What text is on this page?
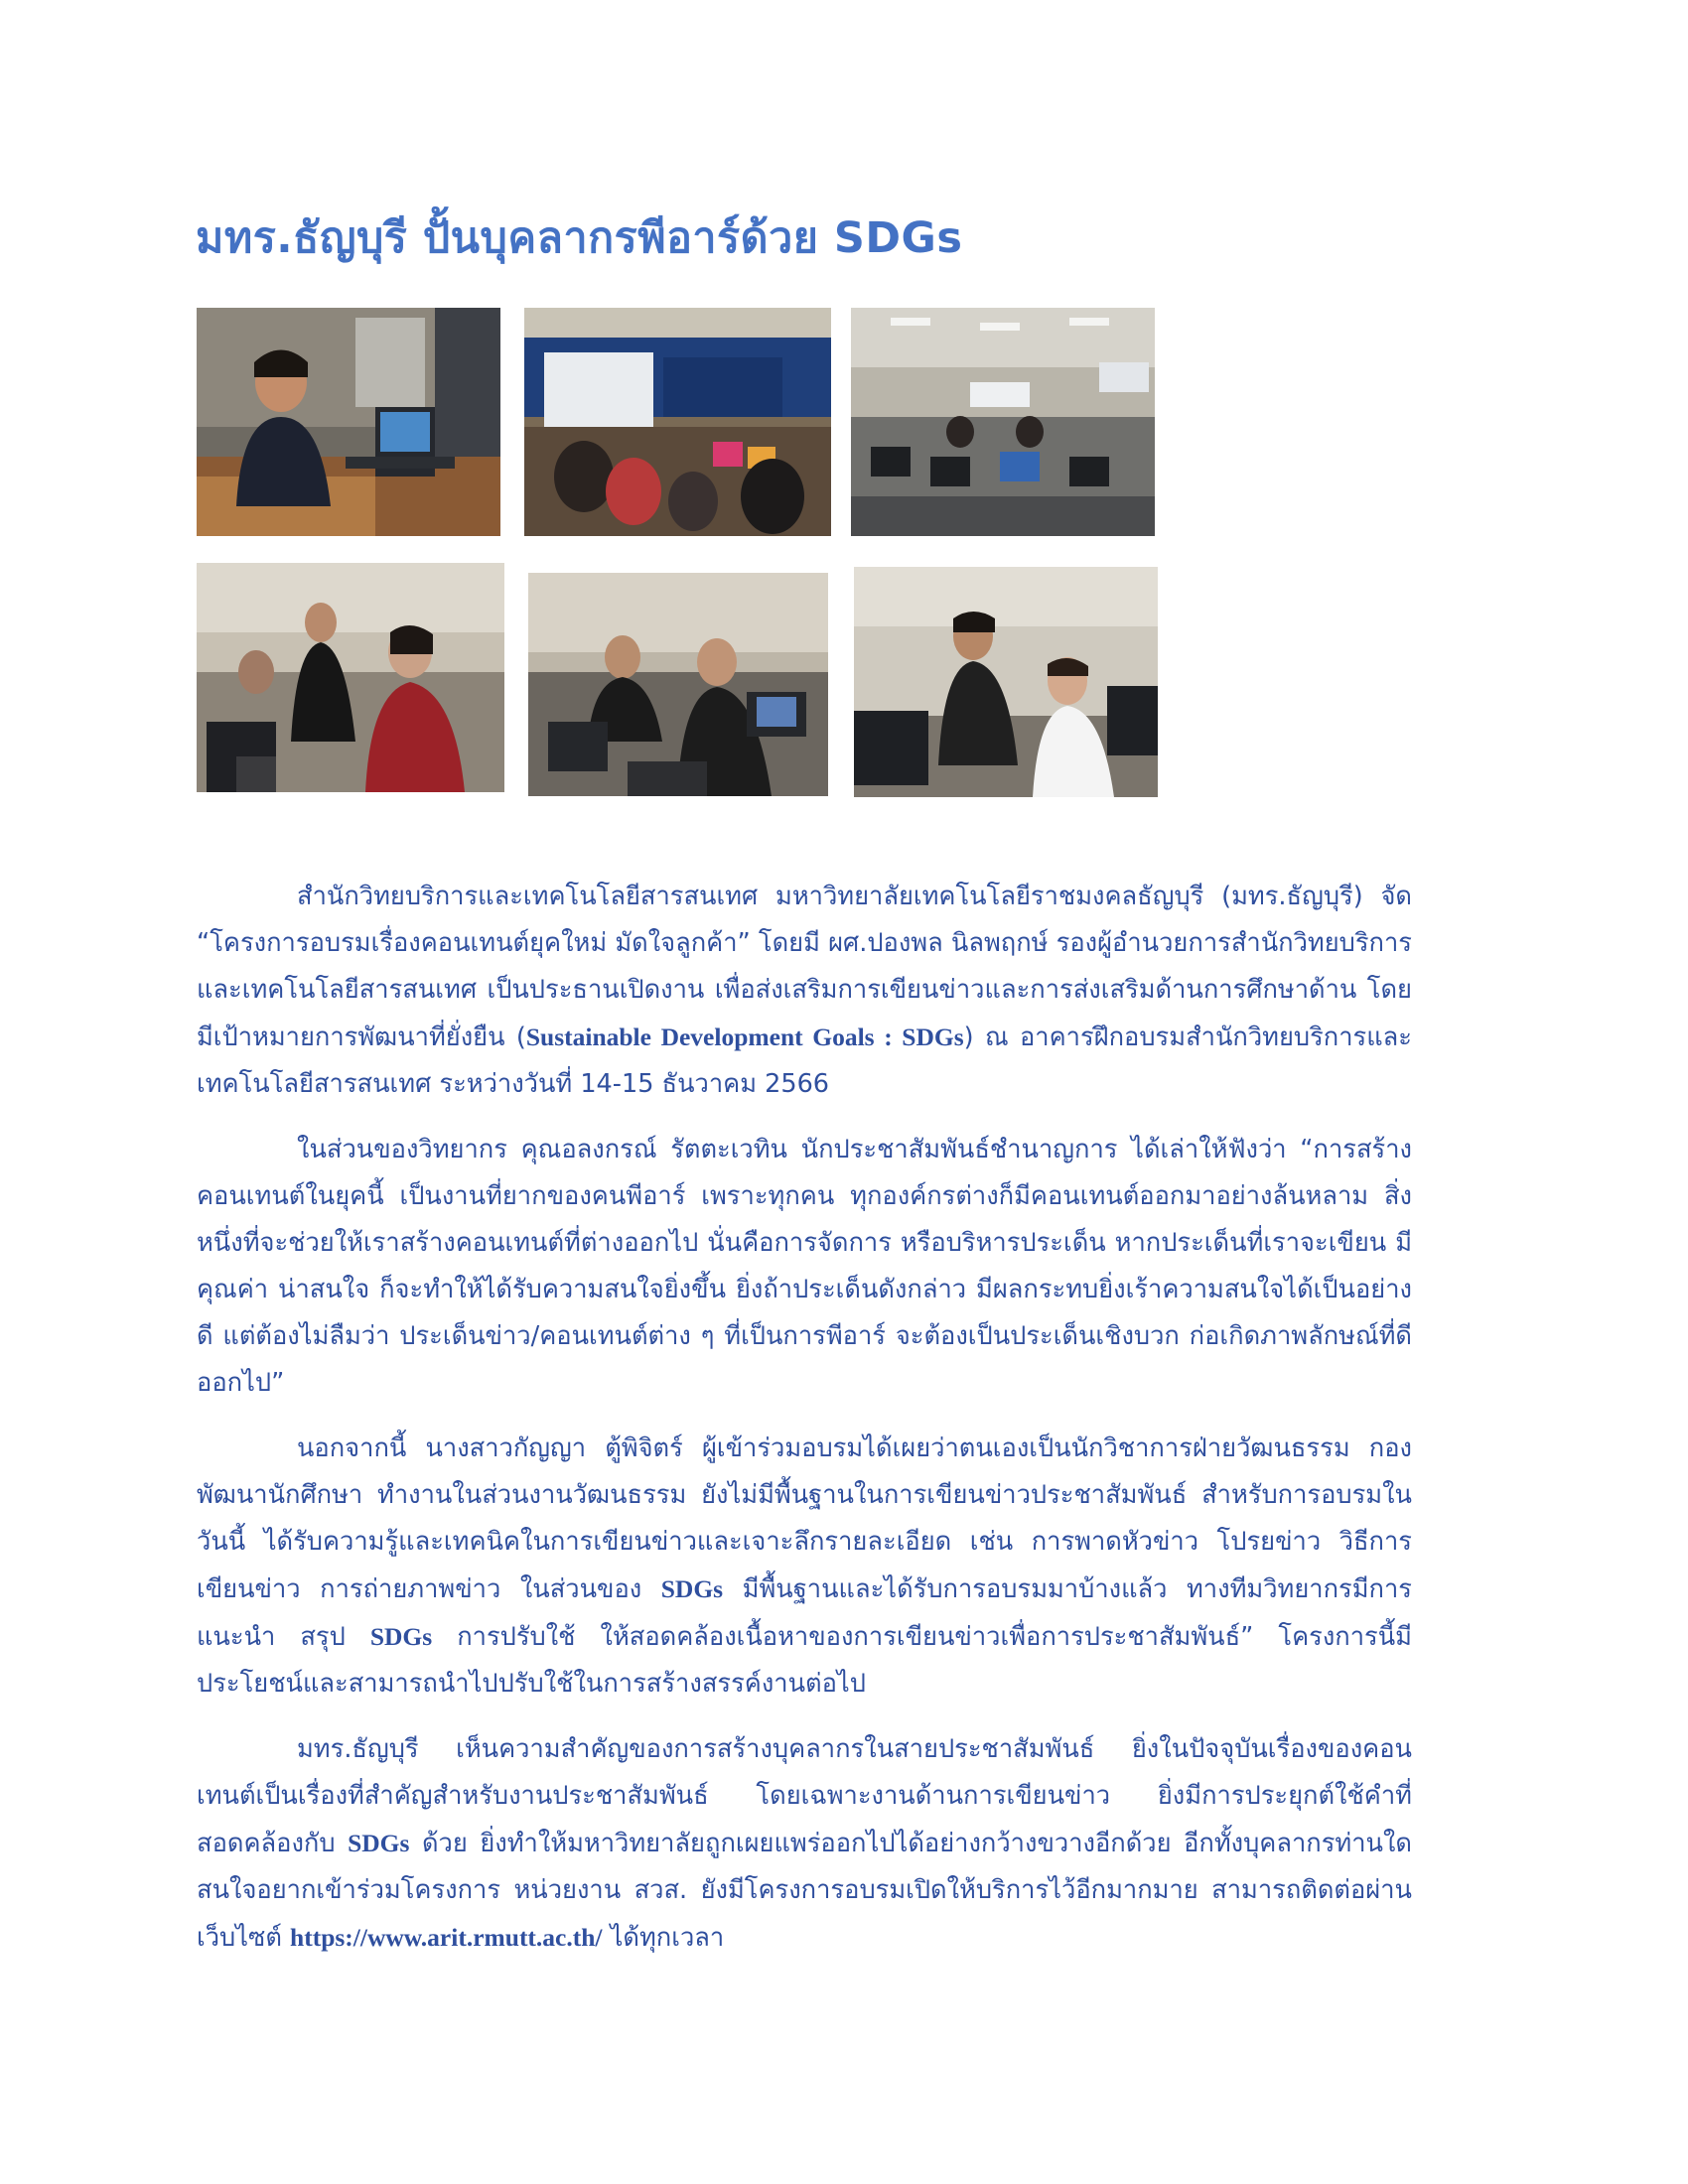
มทร.ธัญบุรี ปั้นบุคลากรพีอาร์ด้วย SDGs

สำนักวิทยบริการและเทคโนโลยีสารสนเทศ มหาวิทยาลัยเทคโนโลยีราชมงคลธัญบุรี (มทร.ธัญบุรี) จัด “โครงการอบรมเรื่องคอนเทนต์ยุคใหม่ มัดใจลูกค้า” โดยมี ผศ.ปองพล นิลพฤกษ์ รองผู้อำนวยการสำนักวิทยบริการและเทคโนโลยีสารสนเทศ เป็นประธานเปิดงาน เพื่อส่งเสริมการเขียนข่าวและการส่งเสริมด้านการศึกษาด้าน โดยมีเป้าหมายการพัฒนาที่ยั่งยืน (Sustainable Development Goals : SDGs) ณ อาคารฝึกอบรมสำนักวิทยบริการและเทคโนโลยีสารสนเทศ ระหว่างวันที่ 14-15 ธันวาคม 2566

ในส่วนของวิทยากร คุณอลงกรณ์ รัตตะเวทิน นักประชาสัมพันธ์ชำนาญการ ได้เล่าให้ฟังว่า “การสร้างคอนเทนต์ในยุคนี้ เป็นงานที่ยากของคนพีอาร์ เพราะทุกคน ทุกองค์กรต่างก็มีคอนเทนต์ออกมาอย่างล้นหลาม สิ่งหนึ่งที่จะช่วยให้เราสร้างคอนเทนต์ที่ต่างออกไป นั่นคือการจัดการ หรือบริหารประเด็น หากประเด็นที่เราจะเขียน มีคุณค่า น่าสนใจ ก็จะทำให้ได้รับความสนใจยิ่งขึ้น ยิ่งถ้าประเด็นดังกล่าว มีผลกระทบยิ่งเร้าความสนใจได้เป็นอย่างดี แต่ต้องไม่ลืมว่า ประเด็นข่าว/คอนเทนต์ต่าง ๆ ที่เป็นการพีอาร์ จะต้องเป็นประเด็นเชิงบวก ก่อเกิดภาพลักษณ์ที่ดีออกไป”

นอกจากนี้ นางสาวกัญญา ตู้พิจิตร์ ผู้เข้าร่วมอบรมได้เผยว่าตนเองเป็นนักวิชาการฝ่ายวัฒนธรรม กองพัฒนานักศึกษา ทำงานในส่วนงานวัฒนธรรม ยังไม่มีพื้นฐานในการเขียนข่าวประชาสัมพันธ์ สำหรับการอบรมในวันนี้ ได้รับความรู้และเทคนิคในการเขียนข่าวและเจาะลึกรายละเอียด เช่น การพาดหัวข่าว โปรยข่าว วิธีการเขียนข่าว การถ่ายภาพข่าว ในส่วนของ SDGs มีพื้นฐานและได้รับการอบรมมาบ้างแล้ว ทางทีมวิทยากรมีการแนะนำ สรุป SDGs การปรับใช้ ให้สอดคล้องเนื้อหาของการเขียนข่าวเพื่อการประชาสัมพันธ์” โครงการนี้มีประโยชน์และสามารถนำไปปรับใช้ในการสร้างสรรค์งานต่อไป

มทร.ธัญบุรี เห็นความสำคัญของการสร้างบุคลากรในสายประชาสัมพันธ์ ยิ่งในปัจจุบันเรื่องของคอนเทนต์เป็นเรื่องที่สำคัญสำหรับงานประชาสัมพันธ์ โดยเฉพาะงานด้านการเขียนข่าว ยิ่งมีการประยุกต์ใช้คำที่สอดคล้องกับ SDGs ด้วย ยิ่งทำให้มหาวิทยาลัยถูกเผยแพร่ออกไปได้อย่างกว้างขวางอีกด้วย อีกทั้งบุคลากรท่านใดสนใจอยากเข้าร่วมโครงการ หน่วยงาน สวส. ยังมีโครงการอบรมเปิดให้บริการไว้อีกมากมาย สามารถติดต่อผ่านเว็บไซต์ https://www.arit.rmutt.ac.th/ ได้ทุกเวลา
